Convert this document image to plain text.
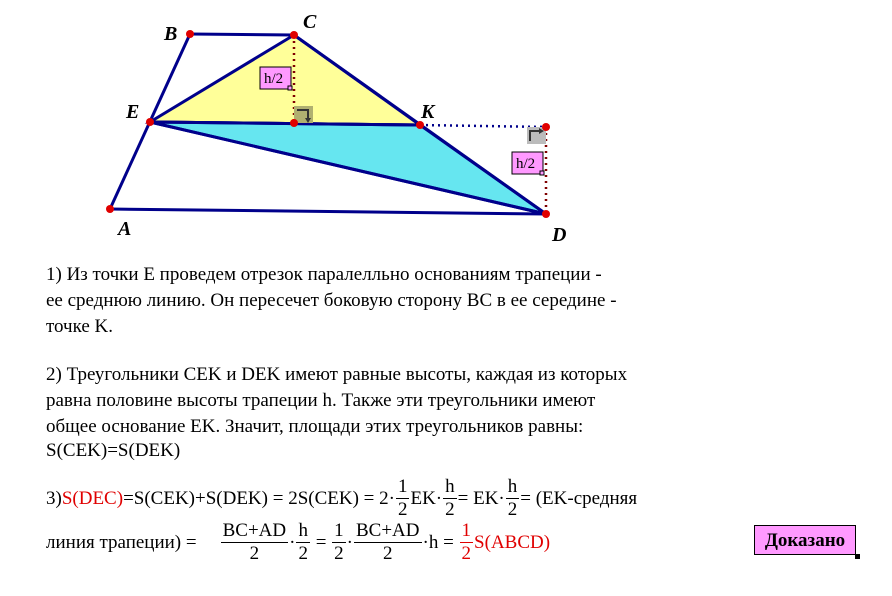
h/2
h/2
A
B
C
D
E	K
1) Из точки E проведем отрезок паралелльно основаниям трапеции -
ее среднюю линию. Он пересечет боковую сторону BC в ее середине -
точке K.
2) Треугольники CEK и DEK имеют равные высоты, каждая из которых
равна половине высоты трапеции h. Также эти треугольники имеют
общее основание EK. Значит, площади этих треугольников равны:
S(CEK)=S(DEK)
3) $S(DEC) =S(CEK)+S(DEK) = 2S(CEK) = 2\cdot \frac{1}{2} EK\cdot \frac{h}{2} = EK\cdot \frac{h}{2}$ = (EK-средняя
линия трапеции) = $\frac{BC+AD}{2} \cdot \frac{h}{2} = \frac{1}{2} \cdot \frac{BC+AD}{2} \cdot h = \frac{1}{2}$ S(ABCD)	Доказано
